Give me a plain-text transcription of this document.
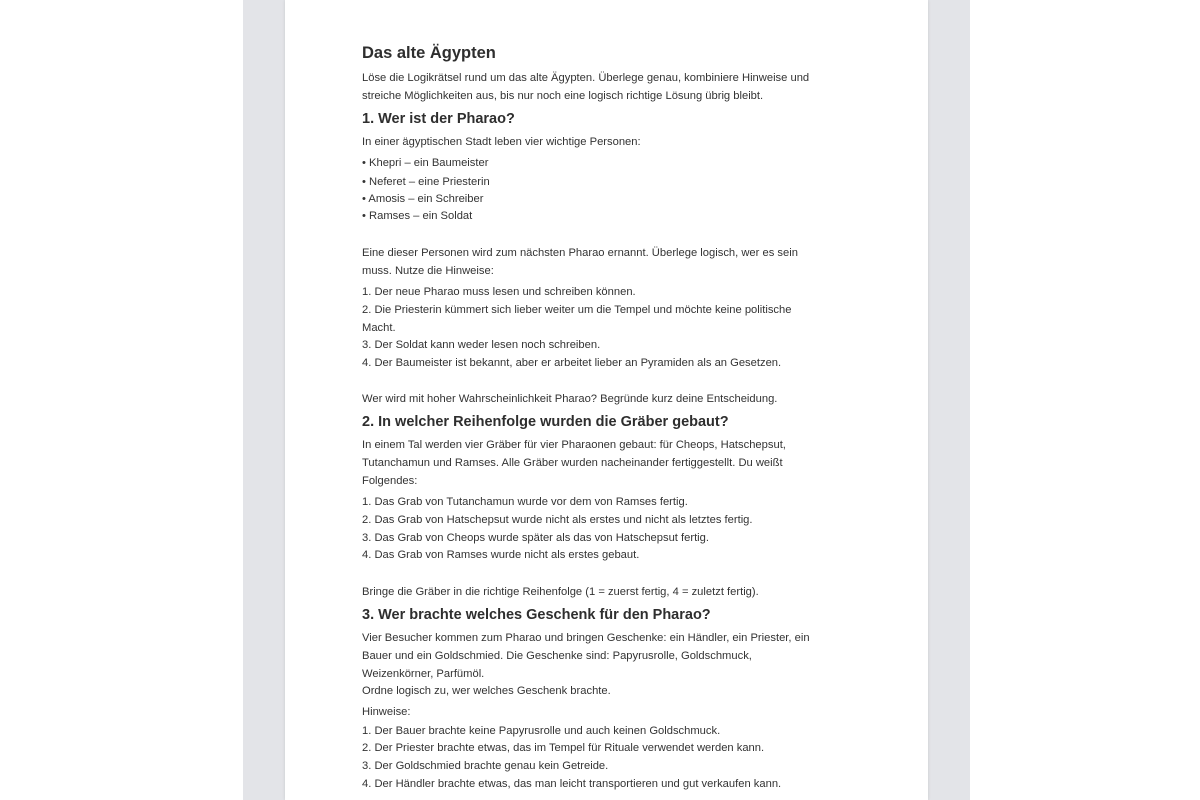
Das alte Ägypten
Löse die Logikrätsel rund um das alte Ägypten. Überlege genau, kombiniere Hinweise und
streiche Möglichkeiten aus, bis nur noch eine logisch richtige Lösung übrig bleibt.
1. Wer ist der Pharao?
In einer ägyptischen Stadt leben vier wichtige Personen:
• Khepri – ein Baumeister
• Neferet – eine Priesterin
• Amosis – ein Schreiber
• Ramses – ein Soldat
Eine dieser Personen wird zum nächsten Pharao ernannt. Überlege logisch, wer es sein
muss. Nutze die Hinweise:
1. Der neue Pharao muss lesen und schreiben können.
2. Die Priesterin kümmert sich lieber weiter um die Tempel und möchte keine politische
Macht.
3. Der Soldat kann weder lesen noch schreiben.
4. Der Baumeister ist bekannt, aber er arbeitet lieber an Pyramiden als an Gesetzen.
Wer wird mit hoher Wahrscheinlichkeit Pharao? Begründe kurz deine Entscheidung.
2. In welcher Reihenfolge wurden die Gräber gebaut?
In einem Tal werden vier Gräber für vier Pharaonen gebaut: für Cheops, Hatschepsut,
Tutanchamun und Ramses. Alle Gräber wurden nacheinander fertiggestellt. Du weißt
Folgendes:
1. Das Grab von Tutanchamun wurde vor dem von Ramses fertig.
2. Das Grab von Hatschepsut wurde nicht als erstes und nicht als letztes fertig.
3. Das Grab von Cheops wurde später als das von Hatschepsut fertig.
4. Das Grab von Ramses wurde nicht als erstes gebaut.
Bringe die Gräber in die richtige Reihenfolge (1 = zuerst fertig, 4 = zuletzt fertig).
3. Wer brachte welches Geschenk für den Pharao?
Vier Besucher kommen zum Pharao und bringen Geschenke: ein Händler, ein Priester, ein
Bauer und ein Goldschmied. Die Geschenke sind: Papyrusrolle, Goldschmuck,
Weizenkörner, Parfümöl.
Ordne logisch zu, wer welches Geschenk brachte.
Hinweise:
1. Der Bauer brachte keine Papyrusrolle und auch keinen Goldschmuck.
2. Der Priester brachte etwas, das im Tempel für Rituale verwendet werden kann.
3. Der Goldschmied brachte genau kein Getreide.
4. Der Händler brachte etwas, das man leicht transportieren und gut verkaufen kann.
